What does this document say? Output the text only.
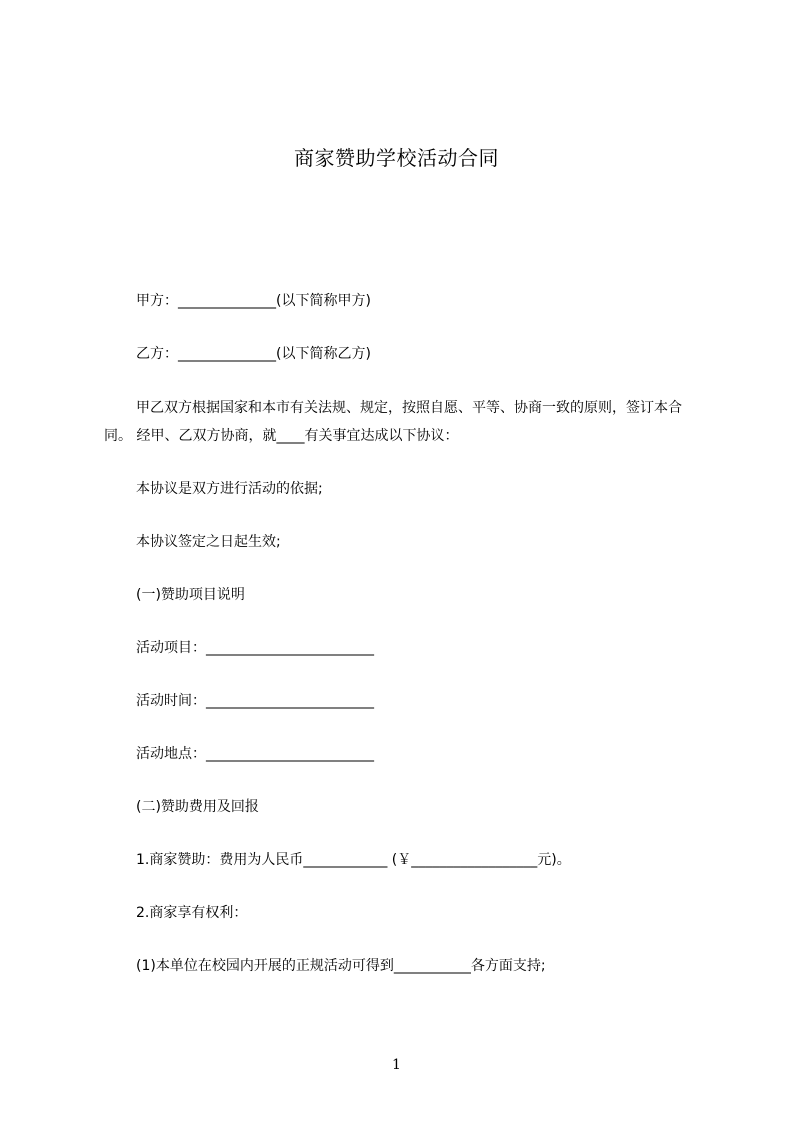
商家赞助学校活动合同
甲方：______________(以下简称甲方)
乙方：______________(以下简称乙方)
甲乙双方根据国家和本市有关法规、规定，按照自愿、平等、协商一致的原则，签订本合同。 经甲、乙双方协商，就____有关事宜达成以下协议：
本协议是双方进行活动的依据;
本协议签定之日起生效;
(一)赞助项目说明
活动项目：________________________
活动时间：________________________
活动地点：________________________
(二)赞助费用及回报
1.商家赞助：费用为人民币____________ (￥__________________元)。
2.商家享有权利：
(1)本单位在校园内开展的正规活动可得到___________各方面支持;
1
